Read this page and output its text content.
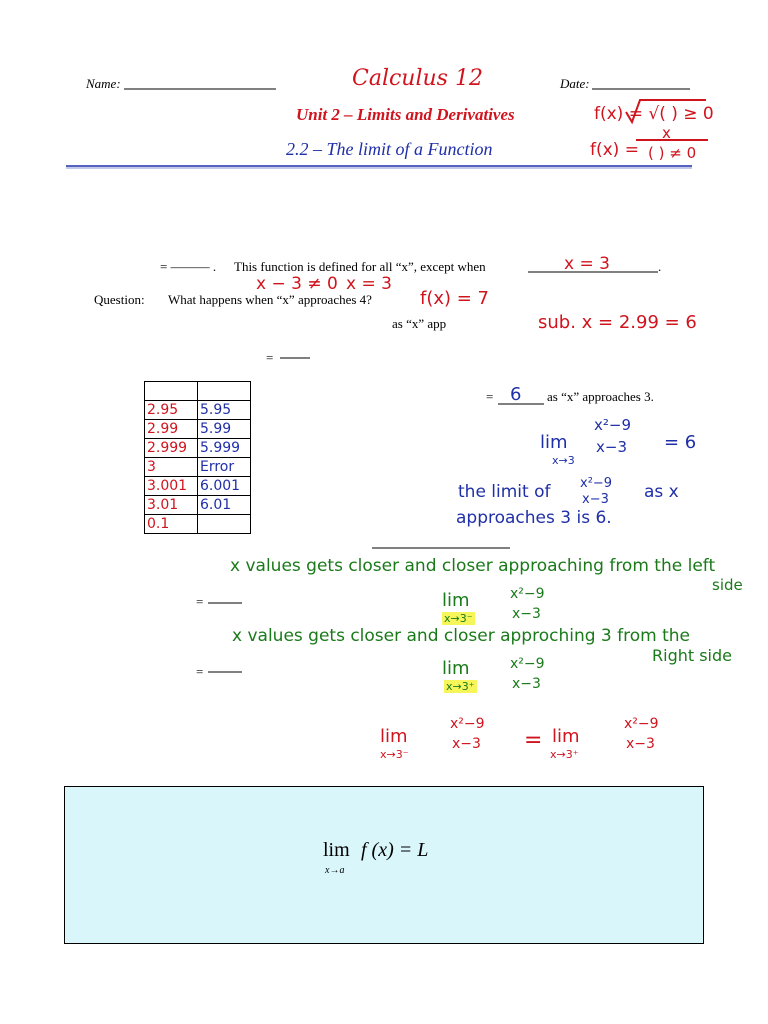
Name:	Calculus 12	Date:
Unit 2 – Limits and Derivatives
2.2 – The limit of a Function
f(x) = √( ) ≥ 0
f(x) =
x
( ) ≠ 0
= ——— . This function is defined for all “x”, except when	.
x = 3
x − 3 ≠ 0 x = 3
Question: What happens when “x” approaches 4?	f(x) = 7
as “x” app	sub. x = 2.99 = 6
=

2.95	5.95
2.99	5.99
2.999	5.999
3	Error
3.001	6.001
3.01	6.01
0.1	
= 6 as “x” approaches 3.
lim
x→3
x²−9
x−3 = 6
the limit of x²−9
x−3 as x
approaches 3 is 6.
x values gets closer and closer approaching from the left
side
=	lim
x→3⁻
x²−9
x−3
x values gets closer and closer approching 3 from the
Right side
=	lim
x→3⁺
x²−9
x−3
lim
x→3⁻
x²−9
x−3 = lim
x→3⁺
x²−9
x−3
lim
x→a
f (x) = L
